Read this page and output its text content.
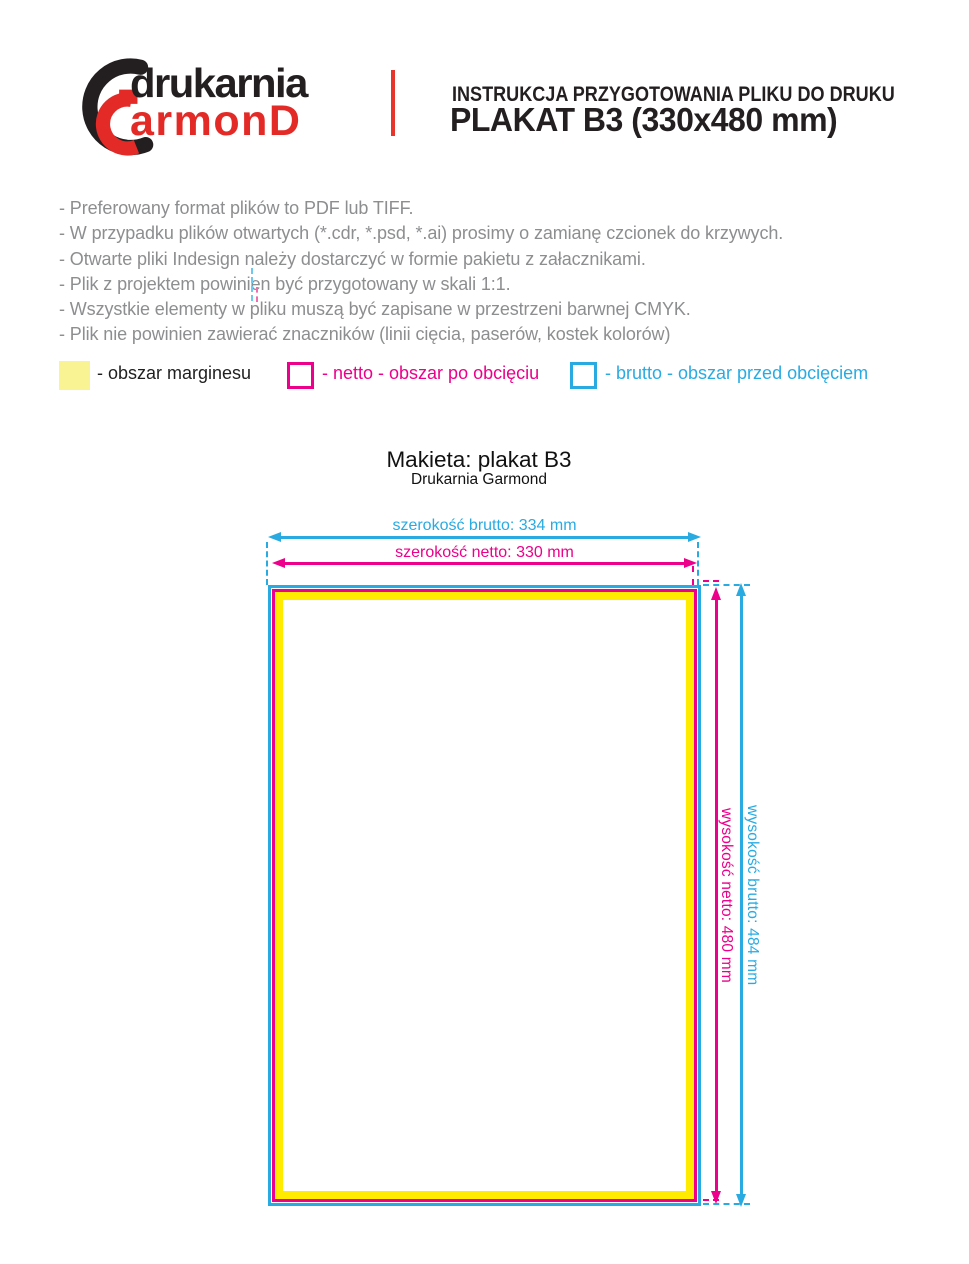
drukarnia
armonD
INSTRUKCJA PRZYGOTOWANIA PLIKU DO DRUKU
PLAKAT B3 (330x480 mm)
- Preferowany format plików to PDF lub TIFF.
- W przypadku plików otwartych (*.cdr, *.psd, *.ai) prosimy o zamianę czcionek do krzywych.
- Otwarte pliki Indesign należy dostarczyć w formie pakietu z załacznikami.
- Plik z projektem powinien być przygotowany w skali 1:1.
- Wszystkie elementy w pliku muszą być zapisane w przestrzeni barwnej CMYK.
- Plik nie powinien zawierać znaczników (linii cięcia, paserów, kostek kolorów)
- obszar marginesu	- netto - obszar po obcięciu	- brutto - obszar przed obcięciem
Makieta: plakat B3
Drukarnia Garmond
szerokość brutto: 334 mm
szerokość netto: 330 mm
wysokość netto: 480 mm wysokość brutto: 484 mm
